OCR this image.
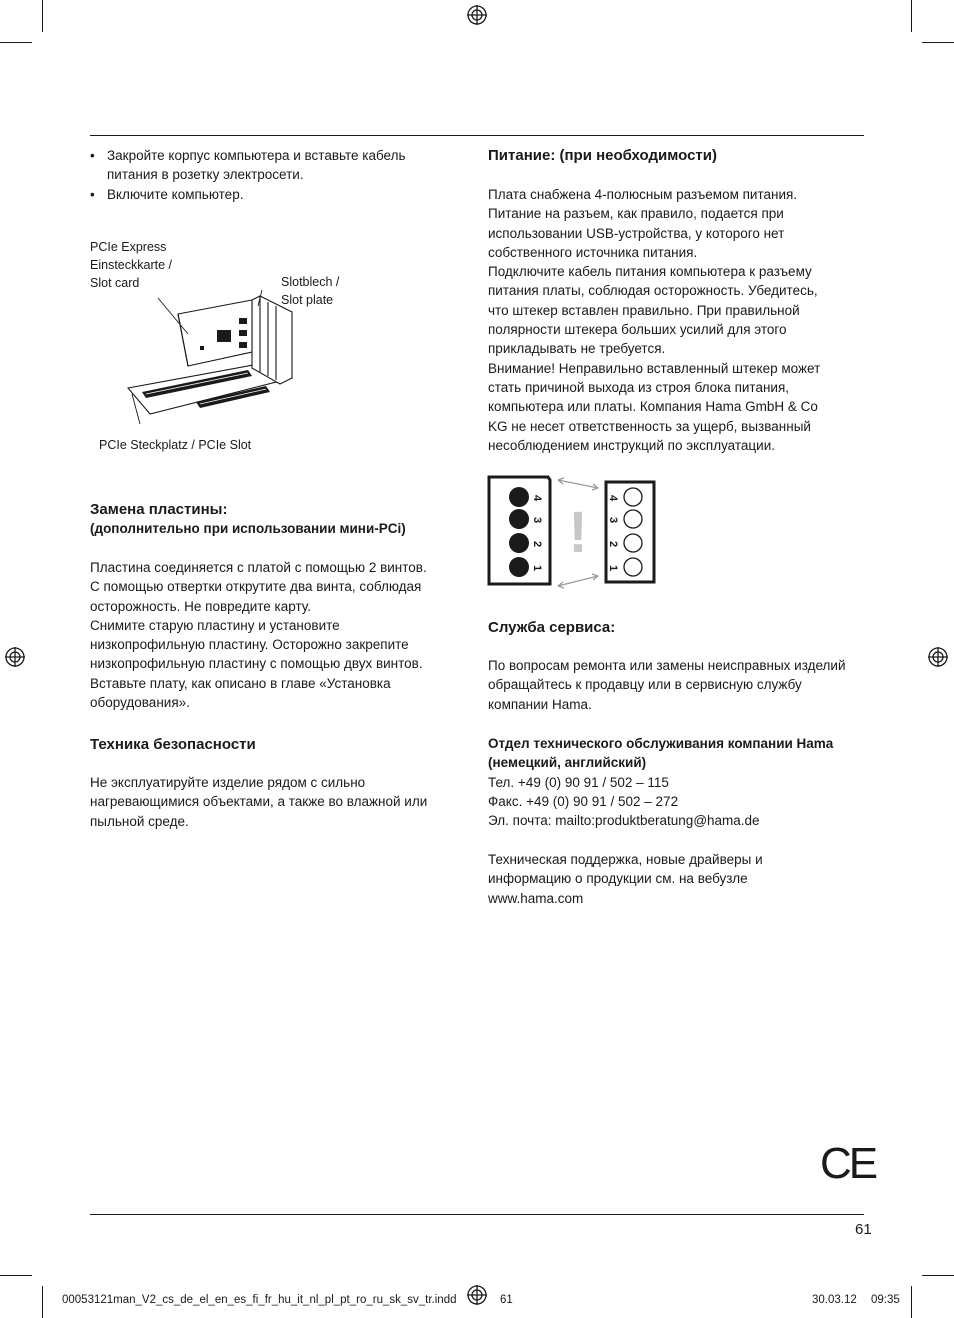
• Закройте корпус компьютера и вставьте кабель
питания в розетку электросети.
• Включите компьютер.
PCIe Express
Einsteckkarte /
Slot card	Slotblech /
Slot plate
PCIe Steckplatz / PCIe Slot
Замена пластины:
(дополнительно при использовании мини-PCi)
Пластина соединяется с платой с помощью 2 винтов.
С помощью отвертки открутите два винта, соблюдая
осторожность. Не повредите карту.
Снимите старую пластину и установите
низкопрофильную пластину. Осторожно закрепите
низкопрофильную пластину с помощью двух винтов.
Вставьте плату, как описано в главе «Установка
оборудования».
Техника безопасности
Не эксплуатируйте изделие рядом с сильно
нагревающимися объектами, а также во влажной или
пыльной среде.
Питание: (при необходимости)
Плата снабжена 4-полюсным разъемом питания.
Питание на разъем, как правило, подается при
использовании USB-устройства, у которого нет
собственного источника питания.
Подключите кабель питания компьютера к разъему
питания платы, соблюдая осторожность. Убедитесь,
что штекер вставлен правильно. При правильной
полярности штекера больших усилий для этого
прикладывать не требуется.
Внимание! Неправильно вставленный штекер может
стать причиной выхода из строя блока питания,
компьютера или платы. Компания Hama GmbH & Co
KG не несет ответственность за ущерб, вызванный
несоблюдением инструкций по эксплуатации.
4
3
2
1
4
3
2
1
!
Служба сервиса:
По вопросам ремонта или замены неисправных изделий
обращайтесь к продавцу или в сервисную службу
компании Hama.
Отдел технического обслуживания компании Hama
(немецкий, английский)
Тел. +49 (0) 90 91 / 502 – 115
Факс. +49 (0) 90 91 / 502 – 272
Эл. почта: mailto:produktberatung@hama.de
Техническая поддержка, новые драйверы и
информацию о продукции см. на вебузле
www.hama.com
CE
61
00053121man_V2_cs_de_el_en_es_fi_fr_hu_it_nl_pl_pt_ro_ru_sk_sv_tr.indd	61	30.03.12 09:35
